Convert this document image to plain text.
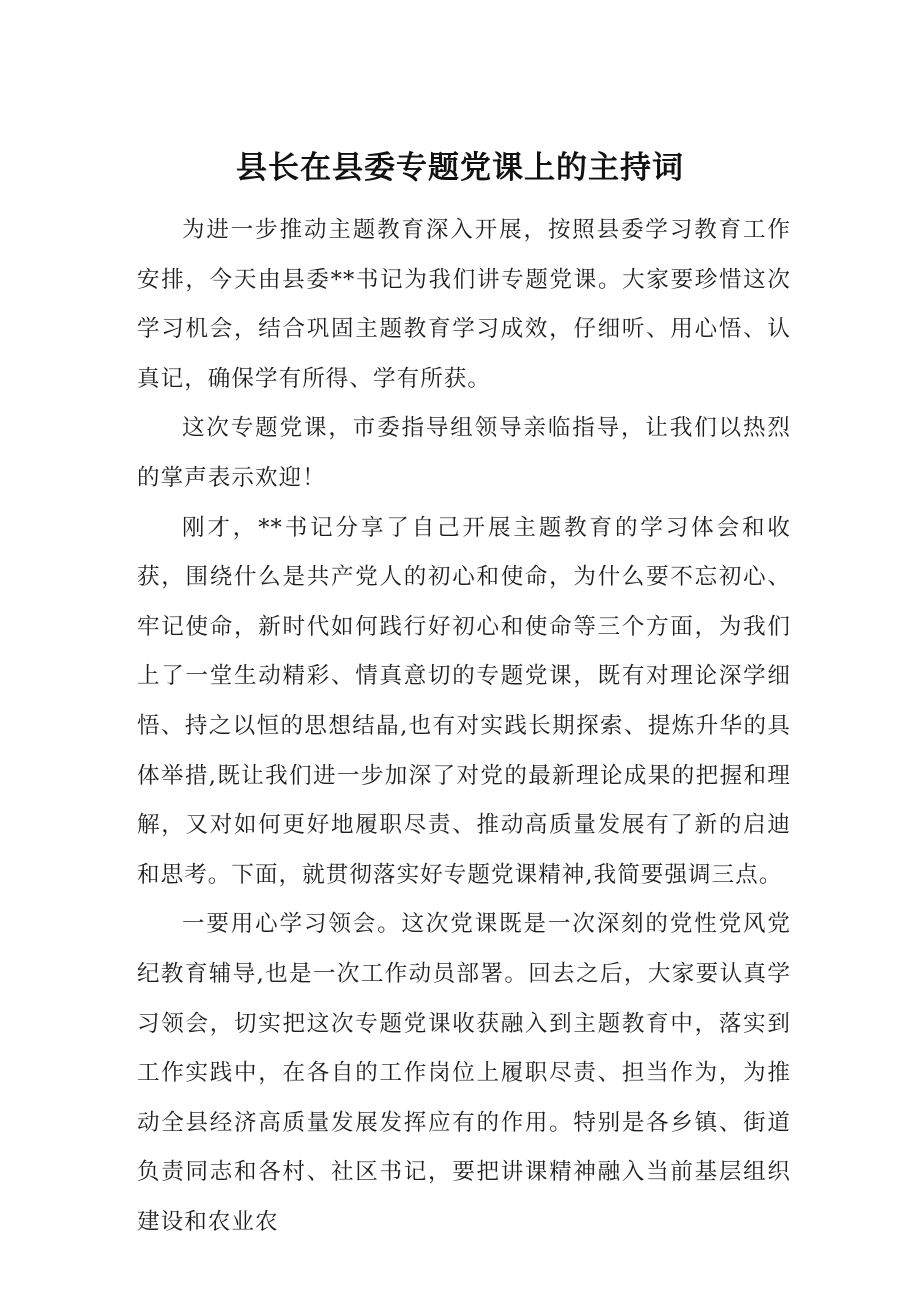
县长在县委专题党课上的主持词

为进一步推动主题教育深入开展，按照县委学习教育工作安排，今天由县委**书记为我们讲专题党课。大家要珍惜这次学习机会，结合巩固主题教育学习成效，仔细听、用心悟、认真记，确保学有所得、学有所获。

这次专题党课，市委指导组领导亲临指导，让我们以热烈的掌声表示欢迎！

刚才，**书记分享了自己开展主题教育的学习体会和收获，围绕什么是共产党人的初心和使命，为什么要不忘初心、牢记使命，新时代如何践行好初心和使命等三个方面，为我们上了一堂生动精彩、情真意切的专题党课，既有对理论深学细悟、持之以恒的思想结晶,也有对实践长期探索、提炼升华的具体举措,既让我们进一步加深了对党的最新理论成果的把握和理解，又对如何更好地履职尽责、推动高质量发展有了新的启迪和思考。下面，就贯彻落实好专题党课精神,我简要强调三点。

一要用心学习领会。这次党课既是一次深刻的党性党风党纪教育辅导,也是一次工作动员部署。回去之后，大家要认真学习领会，切实把这次专题党课收获融入到主题教育中，落实到工作实践中，在各自的工作岗位上履职尽责、担当作为，为推动全县经济高质量发展发挥应有的作用。特别是各乡镇、街道负责同志和各村、社区书记，要把讲课精神融入当前基层组织建设和农业农
